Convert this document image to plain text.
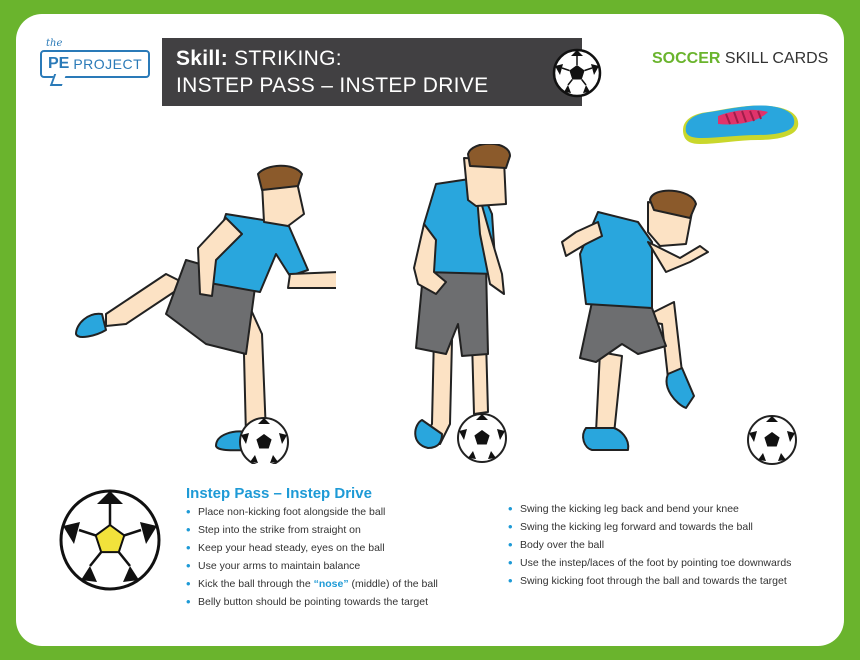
the
PE PROJECT Skill: STRIKING:
INSTEP PASS – INSTEP DRIVE
SOCCER SKILL CARDS
Instep Pass – Instep Drive
• Place non-kicking foot alongside the ball
• Step into the strike from straight on
• Keep your head steady, eyes on the ball
• Use your arms to maintain balance
• Kick the ball through the “nose” (middle) of the ball
• Belly button should be pointing towards the target
• Swing the kicking leg back and bend your knee
• Swing the kicking leg forward and towards the ball
• Body over the ball
• Use the instep/laces of the foot by pointing toe downwards
• Swing kicking foot through the ball and towards the target
